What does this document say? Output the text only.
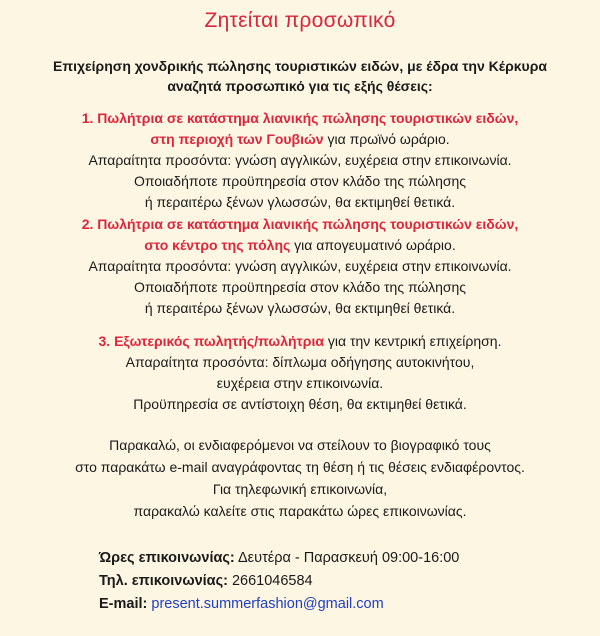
Ζητείται προσωπικό
Επιχείρηση χονδρικής πώλησης τουριστικών ειδών, με έδρα την Κέρκυρα
αναζητά προσωπικό για τις εξής θέσεις:
1. Πωλήτρια σε κατάστημα λιανικής πώλησης τουριστικών ειδών,
στη περιοχή των Γουβιών για πρωϊνό ωράριο.
Απαραίτητα προσόντα: γνώση αγγλικών, ευχέρεια στην επικοινωνία.
Οποιαδήποτε προϋπηρεσία στον κλάδο της πώλησης
ή περαιτέρω ξένων γλωσσών, θα εκτιμηθεί θετικά.
2. Πωλήτρια σε κατάστημα λιανικής πώλησης τουριστικών ειδών,
στο κέντρο της πόλης για απογευματινό ωράριο.
Απαραίτητα προσόντα: γνώση αγγλικών, ευχέρεια στην επικοινωνία.
Οποιαδήποτε προϋπηρεσία στον κλάδο της πώλησης
ή περαιτέρω ξένων γλωσσών, θα εκτιμηθεί θετικά.
3. Εξωτερικός πωλητής/πωλήτρια για την κεντρική επιχείρηση.
Απαραίτητα προσόντα: δίπλωμα οδήγησης αυτοκινήτου,
ευχέρεια στην επικοινωνία.
Προϋπηρεσία σε αντίστοιχη θέση, θα εκτιμηθεί θετικά.
Παρακαλώ, οι ενδιαφερόμενοι να στείλουν το βιογραφικό τους
στο παρακάτω e-mail αναγράφοντας τη θέση ή τις θέσεις ενδιαφέροντος.
Για τηλεφωνική επικοινωνία,
παρακαλώ καλείτε στις παρακάτω ώρες επικοινωνίας.
Ώρες επικοινωνίας: Δευτέρα - Παρασκευή 09:00-16:00
Τηλ. επικοινωνίας: 2661046584
E-mail: present.summerfashion@gmail.com
